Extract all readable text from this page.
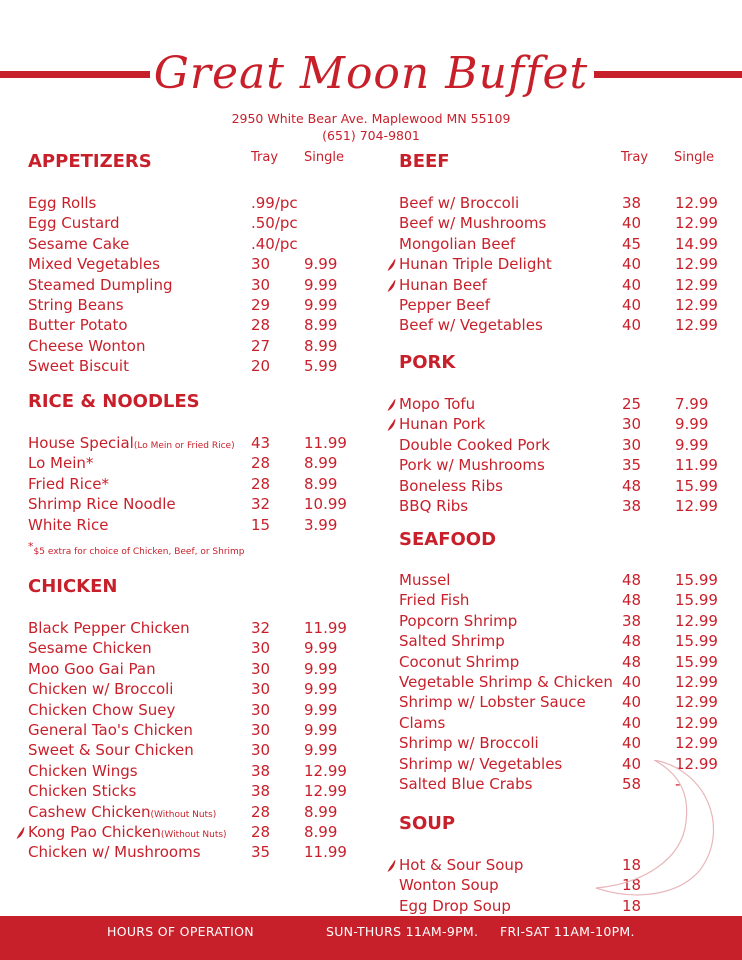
Great Moon Buffet
2950 White Bear Ave. Maplewood MN 55109
(651) 704-9801
APPETIZERS	Tray Single
RICE & NOODLES
CHICKEN
BEEF	Tray Single
PORK
SEAFOOD
SOUP
Egg Rolls	.99/pc
Egg Custard	.50/pc
Sesame Cake	.40/pc
Mixed Vegetables	30 9.99
Steamed Dumpling	30 9.99
String Beans	29 9.99
Butter Potato	28 8.99
Cheese Wonton	27 8.99
Sweet Biscuit	20 5.99
House Special(Lo Mein or Fried Rice) 43 11.99
Lo Mein*	28 8.99
Fried Rice*	28 8.99
Shrimp Rice Noodle	32 10.99
White Rice	15 3.99
Black Pepper Chicken	32 11.99
Sesame Chicken	30 9.99
Moo Goo Gai Pan	30 9.99
Chicken w/ Broccoli	30 9.99
Chicken Chow Suey	30 9.99
General Tao's Chicken	30 9.99
Sweet & Sour Chicken	30 9.99
Chicken Wings	38 12.99
Chicken Sticks	38 12.99
Cashew Chicken(Without Nuts) 28 8.99
Kong Pao Chicken(Without Nuts) 28 8.99
Chicken w/ Mushrooms	35 11.99
Beef w/ Broccoli	38 12.99
Beef w/ Mushrooms	40 12.99
Mongolian Beef	45 14.99
Hunan Triple Delight	40 12.99
Hunan Beef	40 12.99
Pepper Beef	40 12.99
Beef w/ Vegetables	40 12.99
Mopo Tofu	25 7.99
Hunan Pork	30 9.99
Double Cooked Pork	30 9.99
Pork w/ Mushrooms	35 11.99
Boneless Ribs	48 15.99
BBQ Ribs	38 12.99
Mussel	48 15.99
Fried Fish	48 15.99
Popcorn Shrimp	38 12.99
Salted Shrimp	48 15.99
Coconut Shrimp	48 15.99
Vegetable Shrimp & Chicken 40 12.99
Shrimp w/ Lobster Sauce 40 12.99
Clams	40 12.99
Shrimp w/ Broccoli	40 12.99
Shrimp w/ Vegetables	40 12.99
Salted Blue Crabs	58 -
Hot & Sour Soup	18
Wonton Soup	18
Egg Drop Soup	18
*$5 extra for choice of Chicken, Beef, or Shrimp
HOURS OF OPERATION	SUN-THURS 11AM-9PM. FRI-SAT 11AM-10PM.
